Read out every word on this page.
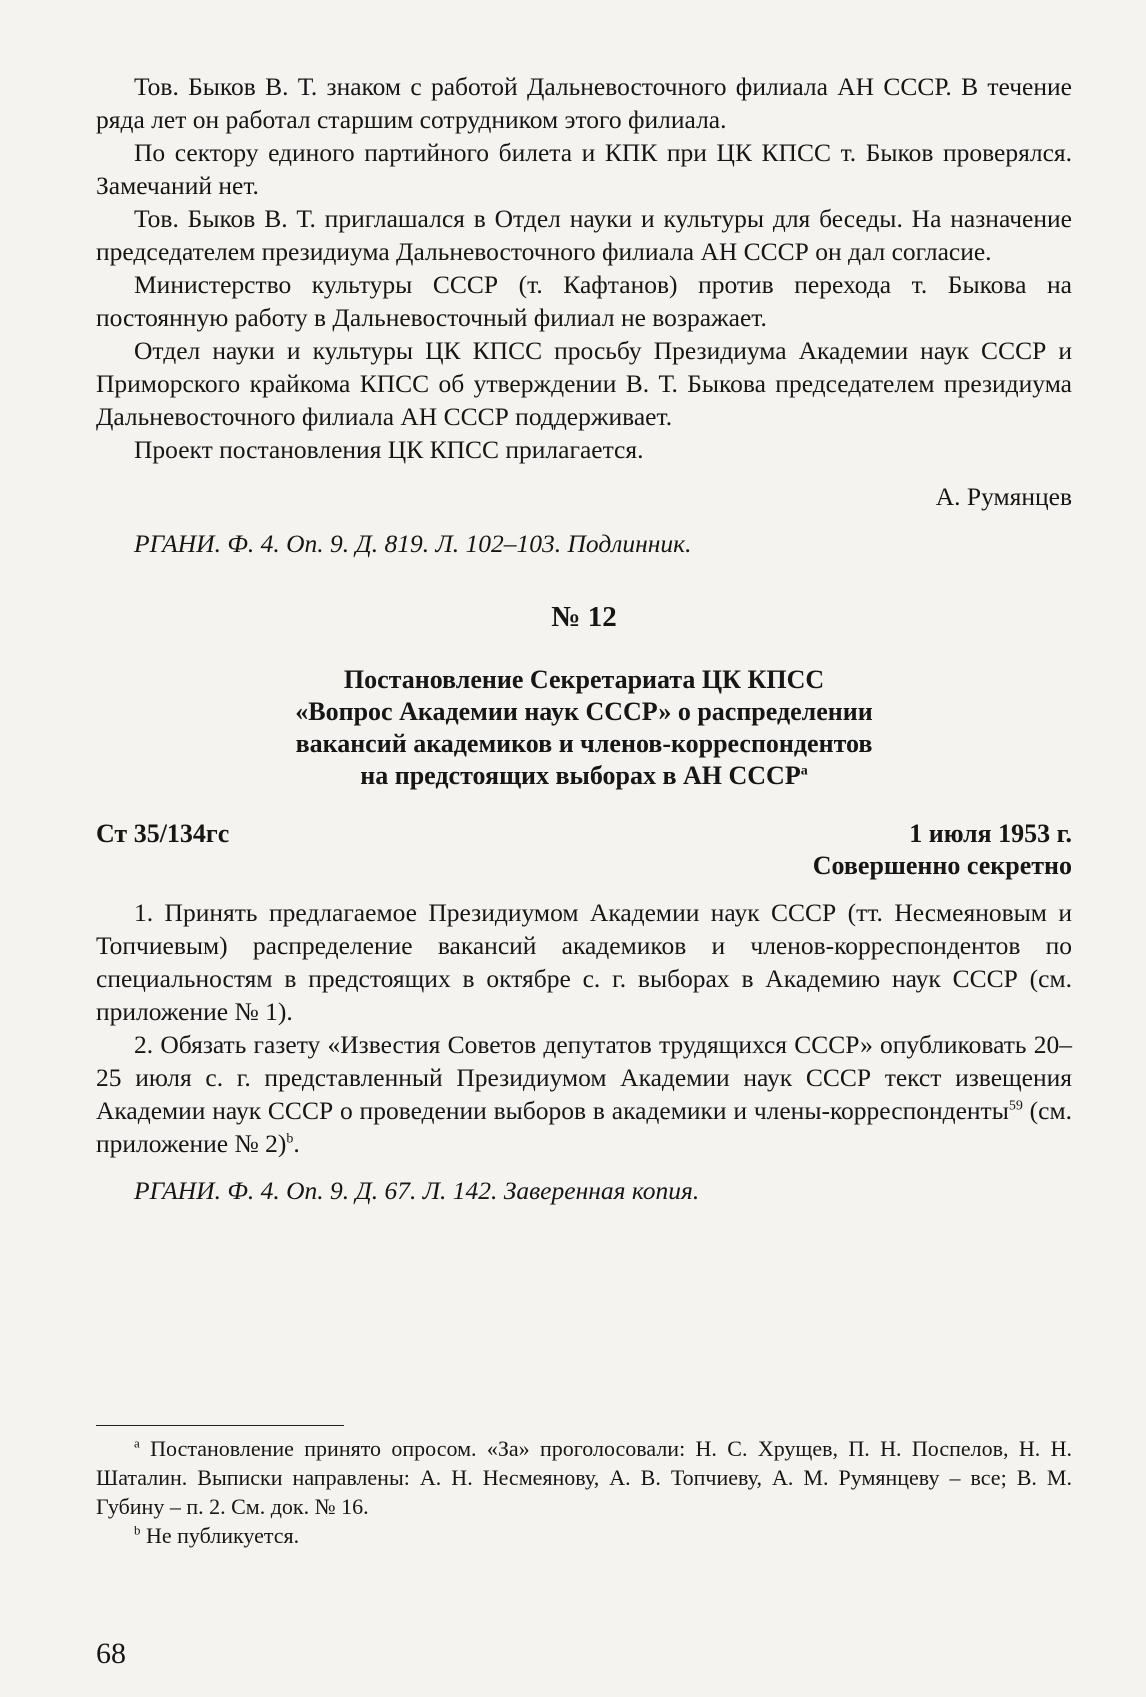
Тов. Быков В. Т. знаком с работой Дальневосточного филиала АН СССР. В течение ряда лет он работал старшим сотрудником этого филиала.

По сектору единого партийного билета и КПК при ЦК КПСС т. Быков проверялся. Замечаний нет.

Тов. Быков В. Т. приглашался в Отдел науки и культуры для беседы. На назначение председателем президиума Дальневосточного филиала АН СССР он дал согласие.

Министерство культуры СССР (т. Кафтанов) против перехода т. Быкова на постоянную работу в Дальневосточный филиал не возражает.

Отдел науки и культуры ЦК КПСС просьбу Президиума Академии наук СССР и Приморского крайкома КПСС об утверждении В. Т. Быкова председателем президиума Дальневосточного филиала АН СССР поддерживает.

Проект постановления ЦК КПСС прилагается.

А. Румянцев

РГАНИ. Ф. 4. Оп. 9. Д. 819. Л. 102–103. Подлинник.

№ 12
Постановление Секретариата ЦК КПСС
«Вопрос Академии наук СССР» о распределении
вакансий академиков и членов-корреспондентов
на предстоящих выборах в АН $СССР^а$
Ст 35/134гс	1 июля 1953 г.
Совершенно секретно

1. Принять предлагаемое Президиумом Академии наук СССР (тт. Несмеяновым и Топчиевым) распределение вакансий академиков и членов-корреспондентов по специальностям в предстоящих в октябре с. г. выборах в Академию наук СССР (см. приложение № 1).

2. Обязать газету «Известия Советов депутатов трудящихся СССР» опубликовать 20–25 июля с. г. представленный Президиумом Академии наук СССР текст извещения Академии наук СССР о проведении выборов в академики и члены-корреспонденты$^{59}$ (см. приложение № 2)$^b$.

РГАНИ. Ф. 4. Оп. 9. Д. 67. Л. 142. Заверенная копия.

$^a$ Постановление принято опросом. «За» проголосовали: Н. С. Хрущев, П. Н. Поспелов, Н. Н. Шаталин. Выписки направлены: А. Н. Несмеянову, А. В. Топчиеву, А. М. Румянцеву – все; В. М. Губину – п. 2. См. док. № 16.

$^b$ Не публикуется.

68
